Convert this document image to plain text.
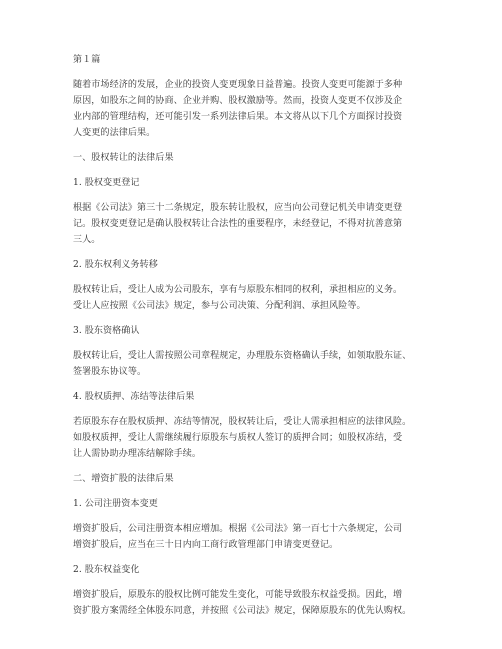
第１篇
随着市场经济的发展，企业的投资人变更现象日益普遍。投资人变更可能源于多种
原因，如股东之间的协商、企业并购、股权激励等。然而，投资人变更不仅涉及企
业内部的管理结构，还可能引发一系列法律后果。本文将从以下几个方面探讨投资
人变更的法律后果。
一、股权转让的法律后果
1. 股权变更登记
根据《公司法》第三十二条规定，股东转让股权，应当向公司登记机关申请变更登
记。股权变更登记是确认股权转让合法性的重要程序，未经登记，不得对抗善意第
三人。
2. 股东权利义务转移
股权转让后，受让人成为公司股东，享有与原股东相同的权利，承担相应的义务。
受让人应按照《公司法》规定，参与公司决策、分配利润、承担风险等。
3. 股东资格确认
股权转让后，受让人需按照公司章程规定，办理股东资格确认手续，如领取股东证、
签署股东协议等。
4. 股权质押、冻结等法律后果
若原股东存在股权质押、冻结等情况，股权转让后，受让人需承担相应的法律风险。
如股权质押，受让人需继续履行原股东与质权人签订的质押合同；如股权冻结，受
让人需协助办理冻结解除手续。
二、增资扩股的法律后果
1. 公司注册资本变更
增资扩股后，公司注册资本相应增加。根据《公司法》第一百七十六条规定，公司
增资扩股后，应当在三十日内向工商行政管理部门申请变更登记。
2. 股东权益变化
增资扩股后，原股东的股权比例可能发生变化，可能导致股东权益受损。因此，增
资扩股方案需经全体股东同意，并按照《公司法》规定，保障原股东的优先认购权。
